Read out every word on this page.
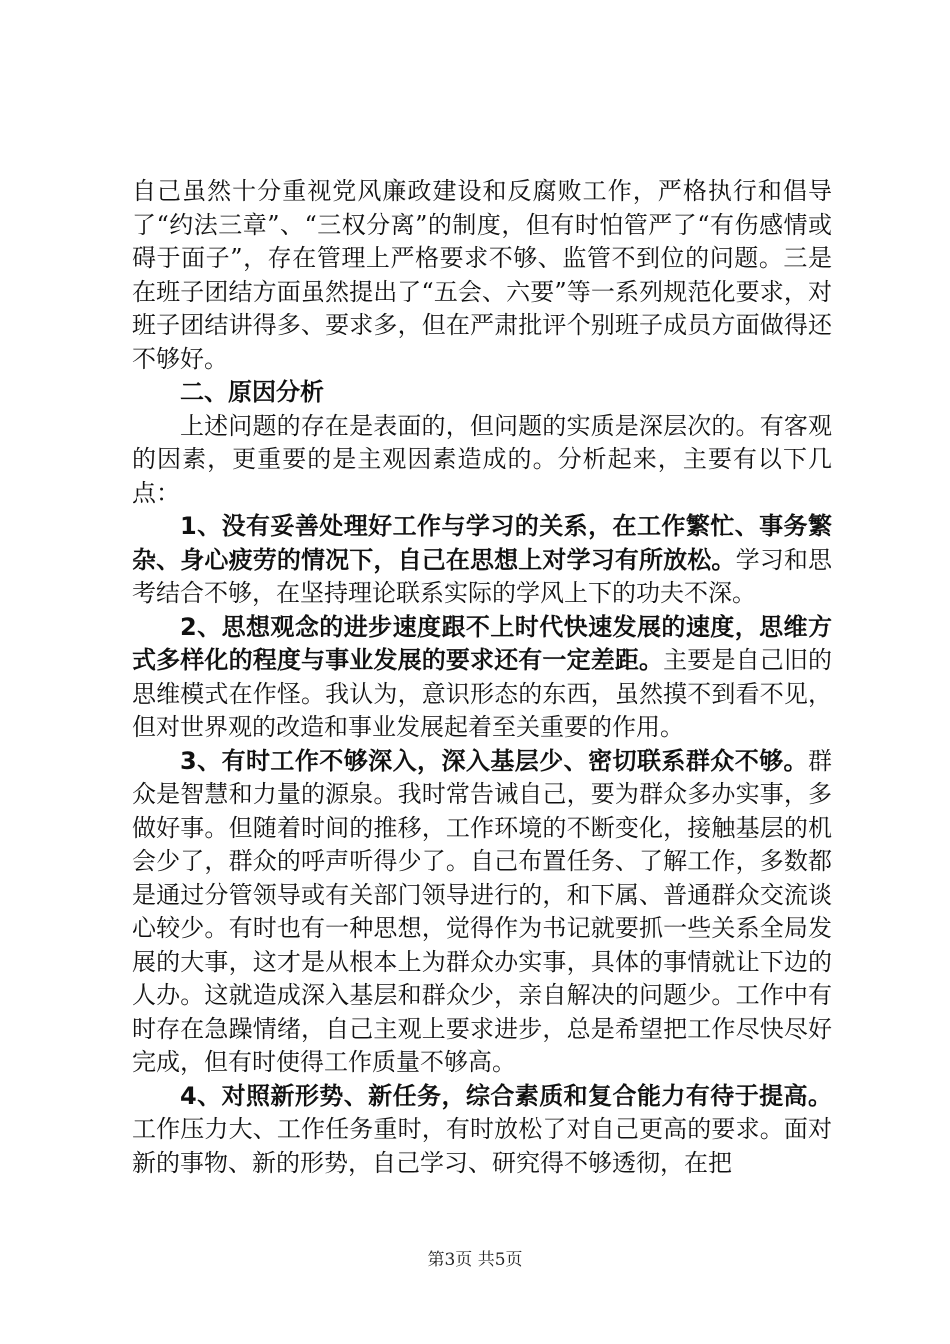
自己虽然十分重视党风廉政建设和反腐败工作，严格执行和倡导了“约法三章”、“三权分离”的制度，但有时怕管严了“有伤感情或碍于面子”，存在管理上严格要求不够、监管不到位的问题。三是在班子团结方面虽然提出了“五会、六要”等一系列规范化要求，对班子团结讲得多、要求多，但在严肃批评个别班子成员方面做得还不够好。

二、原因分析

上述问题的存在是表面的，但问题的实质是深层次的。有客观的因素，更重要的是主观因素造成的。分析起来，主要有以下几点：

1、没有妥善处理好工作与学习的关系，在工作繁忙、事务繁杂、身心疲劳的情况下，自己在思想上对学习有所放松。学习和思考结合不够，在坚持理论联系实际的学风上下的功夫不深。

2、思想观念的进步速度跟不上时代快速发展的速度，思维方式多样化的程度与事业发展的要求还有一定差距。主要是自己旧的思维模式在作怪。我认为，意识形态的东西，虽然摸不到看不见，但对世界观的改造和事业发展起着至关重要的作用。

3、有时工作不够深入，深入基层少、密切联系群众不够。群众是智慧和力量的源泉。我时常告诫自己，要为群众多办实事，多做好事。但随着时间的推移，工作环境的不断变化，接触基层的机会少了，群众的呼声听得少了。自己布置任务、了解工作，多数都是通过分管领导或有关部门领导进行的，和下属、普通群众交流谈心较少。有时也有一种思想，觉得作为书记就要抓一些关系全局发展的大事，这才是从根本上为群众办实事，具体的事情就让下边的人办。这就造成深入基层和群众少，亲自解决的问题少。工作中有时存在急躁情绪，自己主观上要求进步，总是希望把工作尽快尽好完成，但有时使得工作质量不够高。

4、对照新形势、新任务，综合素质和复合能力有待于提高。工作压力大、工作任务重时，有时放松了对自己更高的要求。面对新的事物、新的形势，自己学习、研究得不够透彻，在把

第3页 共5页
